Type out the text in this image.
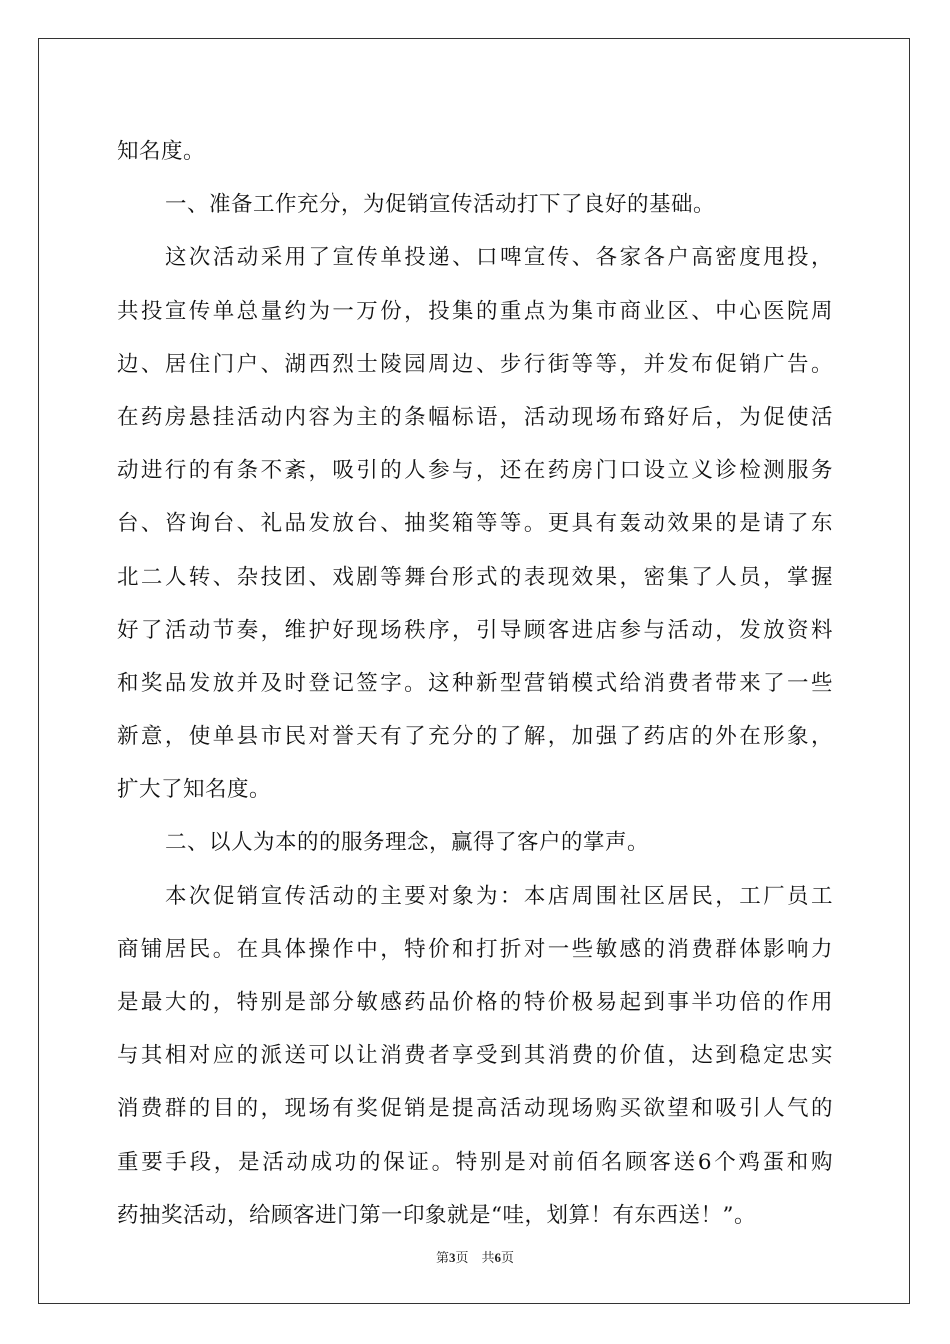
知名度。
一、准备工作充分，为促销宣传活动打下了良好的基础。
这次活动采用了宣传单投递、口啤宣传、各家各户高密度甩投，
共投宣传单总量约为一万份，投集的重点为集市商业区、中心医院周
边、居住门户、湖西烈士陵园周边、步行街等等，并发布促销广告。
在药房悬挂活动内容为主的条幅标语，活动现场布臵好后，为促使活
动进行的有条不紊，吸引的人参与，还在药房门口设立义诊检测服务
台、咨询台、礼品发放台、抽奖箱等等。更具有轰动效果的是请了东
北二人转、杂技团、戏剧等舞台形式的表现效果，密集了人员，掌握
好了活动节奏，维护好现场秩序，引导顾客进店参与活动，发放资料
和奖品发放并及时登记签字。这种新型营销模式给消费者带来了一些
新意，使单县市民对誉天有了充分的了解，加强了药店的外在形象，
扩大了知名度。
二、以人为本的的服务理念，赢得了客户的掌声。
本次促销宣传活动的主要对象为：本店周围社区居民，工厂员工
商铺居民。在具体操作中，特价和打折对一些敏感的消费群体影响力
是最大的，特别是部分敏感药品价格的特价极易起到事半功倍的作用
与其相对应的派送可以让消费者享受到其消费的价值，达到稳定忠实
消费群的目的，现场有奖促销是提高活动现场购买欲望和吸引人气的
重要手段，是活动成功的保证。特别是对前佰名顾客送6个鸡蛋和购
药抽奖活动，给顾客进门第一印象就是“哇，划算！有东西送！”。
第3页　共6页
